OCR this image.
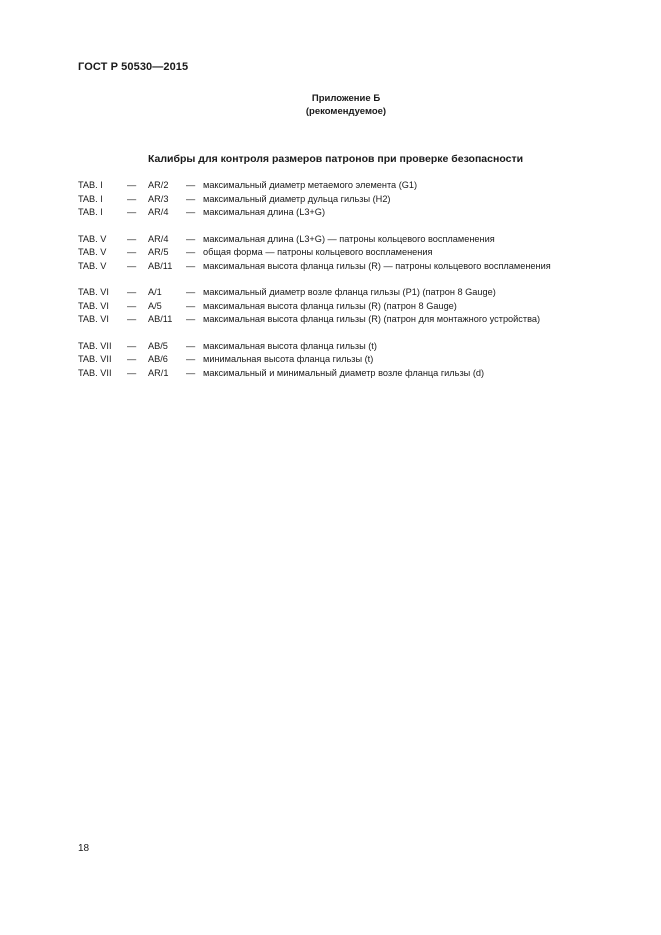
ГОСТ Р 50530—2015
Приложение Б
(рекомендуемое)
Калибры для контроля размеров патронов при проверке безопасности
TAB. I	— AR/2 — максимальный диаметр метаемого элемента (G1)
TAB. I	— AR/3 — максимальный диаметр дульца гильзы (H2)
TAB. I	— AR/4 — максимальная длина (L3+G)
TAB. V — AR/4 — максимальная длина (L3+G) — патроны кольцевого воспламенения
TAB. V — AR/5 — общая форма — патроны кольцевого воспламенения
TAB. V — AB/11 — максимальная высота фланца гильзы (R) — патроны кольцевого воспламенения
TAB. VI — A/1	— максимальный диаметр возле фланца гильзы (P1) (патрон 8 Gauge)
TAB. VI — A/5	— максимальная высота фланца гильзы (R) (патрон 8 Gauge)
TAB. VI — AB/11 — максимальная высота фланца гильзы (R) (патрон для монтажного устройства)
TAB. VII — AB/5 — максимальная высота фланца гильзы (t)
TAB. VII — AB/6 — минимальная высота фланца гильзы (t)
TAB. VII — AR/1 — максимальный и минимальный диаметр возле фланца гильзы (d)
18
